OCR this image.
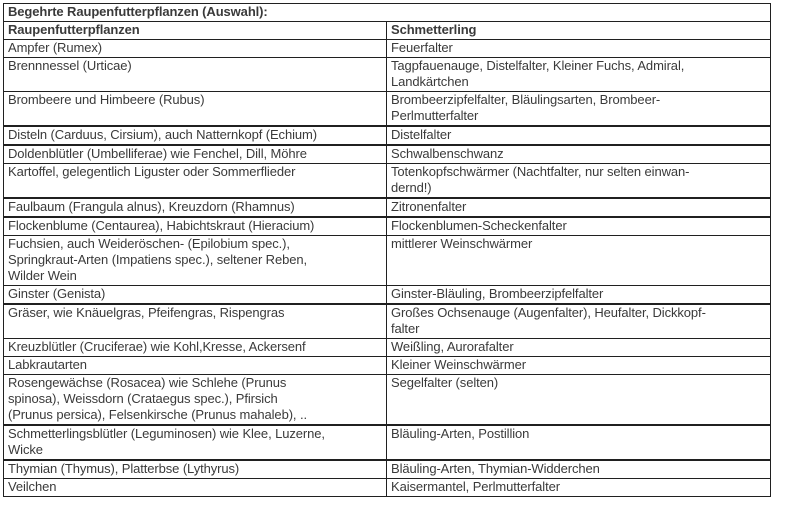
Begehrte Raupenfutterpflanzen (Auswahl):	
Raupenfutterpflanzen	Schmetterling

Ampfer (Rumex)	Feuerfalter

Brennnessel (Urticae)	Tagpfauenauge, Distelfalter, Kleiner Fuchs, Admiral,
Landkärtchen

Brombeere und Himbeere (Rubus)	Brombeerzipfelfalter, Bläulingsarten, Brombeer-
Perlmutterfalter

Disteln (Carduus, Cirsium), auch Natternkopf (Echium)	Distelfalter

Doldenblütler (Umbelliferae) wie Fenchel, Dill, Möhre	Schwalbenschwanz

Kartoffel, gelegentlich Liguster oder Sommerflieder	Totenkopfschwärmer (Nachtfalter, nur selten einwan-
dernd!)

Faulbaum (Frangula alnus), Kreuzdorn (Rhamnus)	Zitronenfalter

Flockenblume (Centaurea), Habichtskraut (Hieracium)	Flockenblumen-Scheckenfalter

Fuchsien, auch Weideröschen- (Epilobium spec.),
Springkraut-Arten (Impatiens spec.), seltener Reben,
Wilder Wein	mittlerer Weinschwärmer

Ginster (Genista)	Ginster-Bläuling, Brombeerzipfelfalter

Gräser, wie Knäuelgras, Pfeifengras, Rispengras	Großes Ochsenauge (Augenfalter), Heufalter, Dickkopf-
falter

Kreuzblütler (Cruciferae) wie Kohl,Kresse, Ackersenf	Weißling, Aurorafalter

Labkrautarten	Kleiner Weinschwärmer

Rosengewächse (Rosacea) wie Schlehe (Prunus
spinosa), Weissdorn (Crataegus spec.), Pfirsich
(Prunus persica), Felsenkirsche (Prunus mahaleb), ..	Segelfalter (selten)

Schmetterlingsblütler (Leguminosen) wie Klee, Luzerne,
Wicke	Bläuling-Arten, Postillion

Thymian (Thymus), Platterbse (Lythyrus)	Bläuling-Arten, Thymian-Widderchen

Veilchen	Kaisermantel, Perlmutterfalter
